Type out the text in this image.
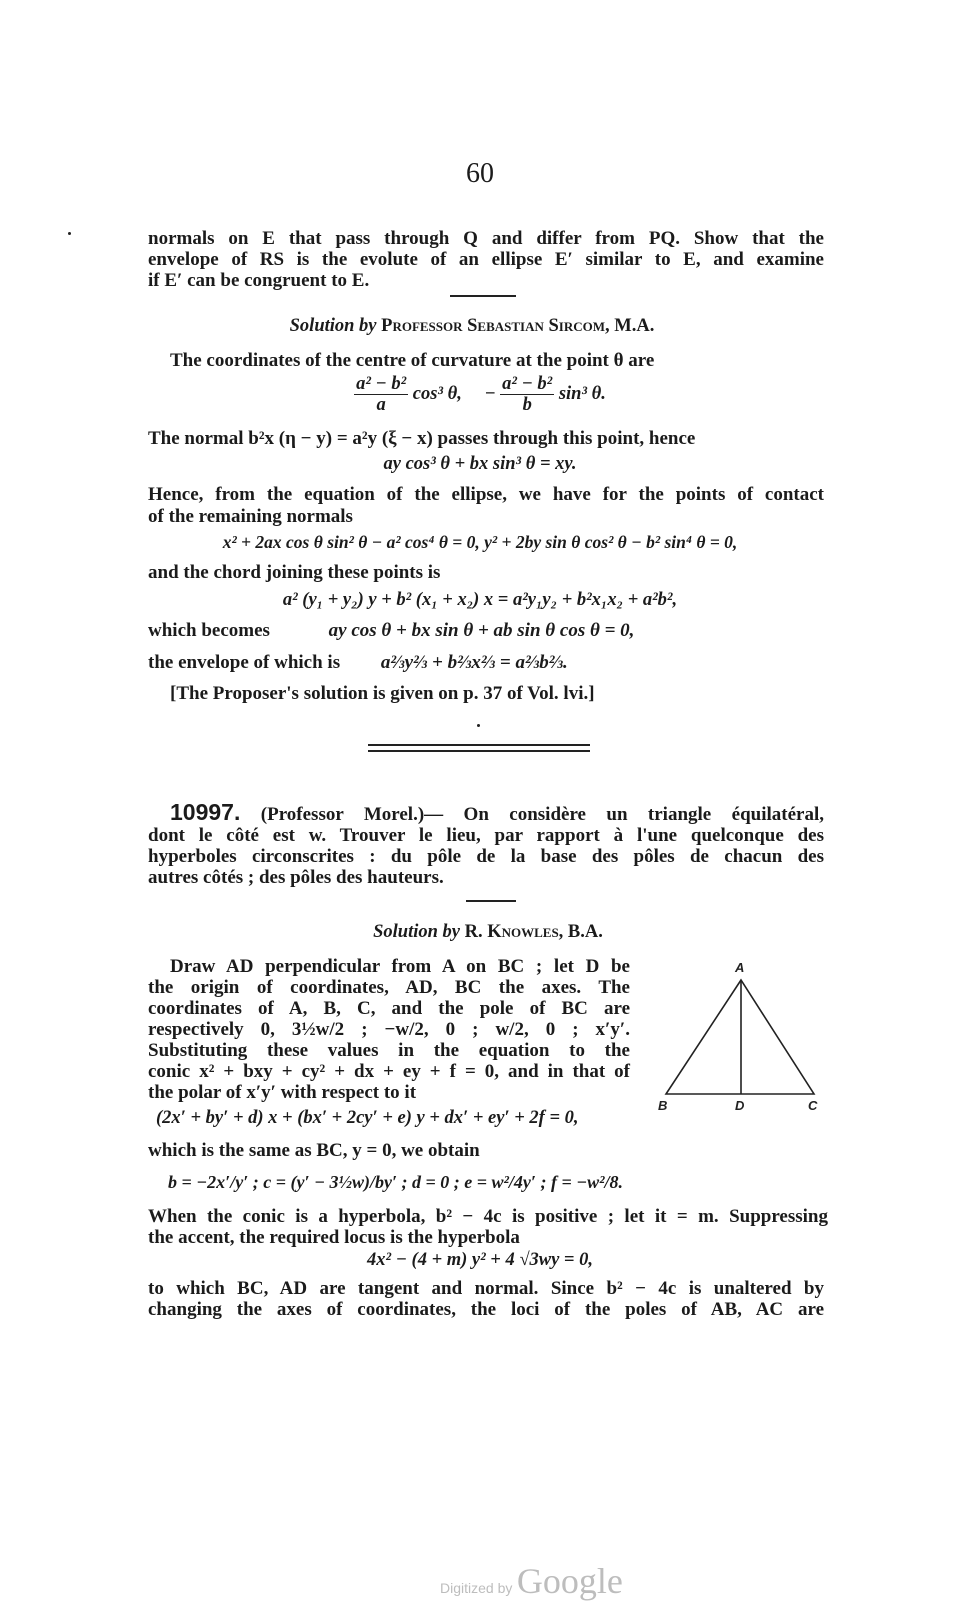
60
normals on E that pass through Q and differ from PQ. Show that the
envelope of RS is the evolute of an ellipse E′ similar to E, and examine
if E′ can be congruent to E.
Solution by Professor Sebastian Sircom, M.A.
The coordinates of the centre of curvature at the point θ are
$\frac{\text{a² − b²}}{a} \cos^3$ θ,     − $\frac{\text{a² − b²}}{b} \sin^3$ θ.
The normal b²x (η − y) = a²y (ξ − x) passes through this point, hence
ay cos³ θ + bx sin³ θ = xy.
Hence, from the equation of the ellipse, we have for the points of contact
of the remaining normals
x² + 2ax cos θ sin² θ − a² cos⁴ θ = 0, y² + 2by sin θ cos² θ − b² sin⁴ θ = 0,
and the chord joining these points is
a² (y₁ + y₂) y + b² (x₁ + x₂) x = a²y₁y₂ + b²x₁x₂ + a²b²,
which becomes	ay cos θ + bx sin θ + ab sin θ cos θ = 0,
the envelope of which is a⅔y⅔ + b⅔x⅔ = a⅔b⅔.
[The Proposer's solution is given on p. 37 of Vol. lvi.]
10997. (Professor Morel.)— On considère un triangle équilatéral,
dont le côté est w. Trouver le lieu, par rapport à l'une quelconque des
hyperboles circonscrites : du pôle de la base des pôles de chacun des
autres côtés ; des pôles des hauteurs.
Solution by R. Knowles, B.A.
Draw AD perpendicular from A on BC ; let D be
the origin of coordinates, AD, BC the axes. The
coordinates of A, B, C, and the pole of BC are
respectively 0, 3½w/2 ; −w/2, 0 ; w/2, 0 ; x′y′.
Substituting these values in the equation to the
conic x² + bxy + cy² + dx + ey + f = 0, and in that of
the polar of x′y′ with respect to it
(2x′ + by′ + d) x + (bx′ + 2cy′ + e) y + dx′ + ey′ + 2f = 0,
which is the same as BC, y = 0, we obtain
b = −2x′/y′ ; c = (y′ − 3½w)/by′ ; d = 0 ; e = w²/4y′ ; f = −w²/8.
When the conic is a hyperbola, b² − 4c is positive ; let it = m. Suppressing
the accent, the required locus is the hyperbola
4x² − (4 + m) y² + 4 √3wy = 0,
to which BC, AD are tangent and normal. Since b² − 4c is unaltered by
changing the axes of coordinates, the loci of the poles of AB, AC are
A
B	D	C
Digitized by Google
